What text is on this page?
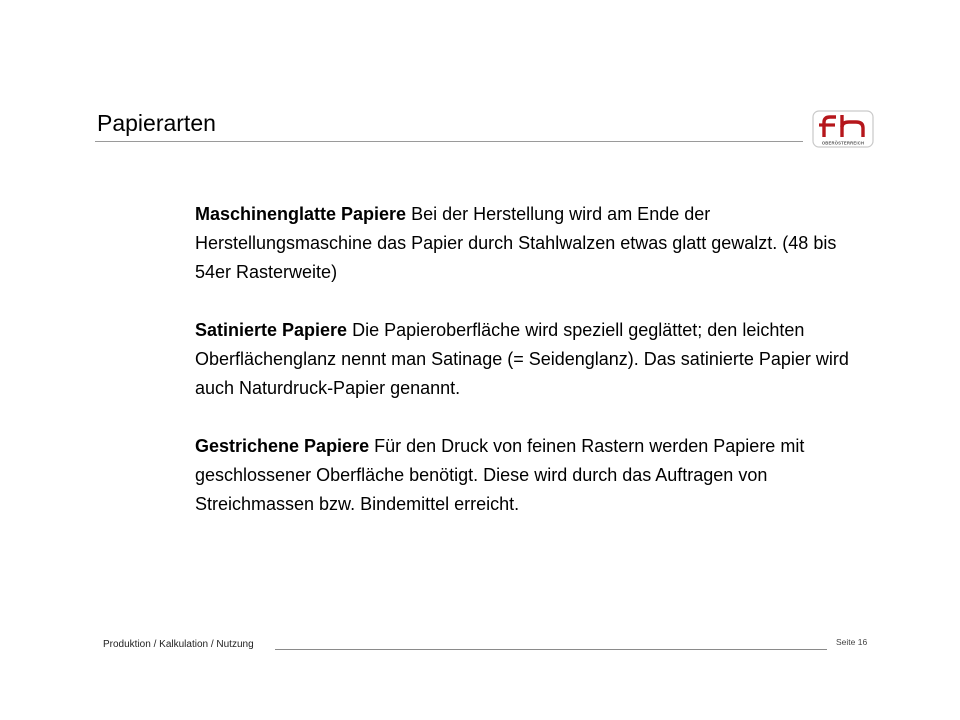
Papierarten
OBERÖSTERREICH

Maschinenglatte Papiere Bei der Herstellung wird am Ende der Herstellungsmaschine das Papier durch Stahlwalzen etwas glatt gewalzt. (48 bis 54er Rasterweite)

Satinierte Papiere Die Papieroberfläche wird speziell geglättet; den leichten Oberflächenglanz nennt man Satinage (= Seidenglanz). Das satinierte Papier wird auch Naturdruck-Papier genannt.

Gestrichene Papiere Für den Druck von feinen Rastern werden Papiere mit geschlossener Oberfläche benötigt. Diese wird durch das Auftragen von Streichmassen bzw. Bindemittel erreicht.

Produktion / Kalkulation / Nutzung	Seite 16
